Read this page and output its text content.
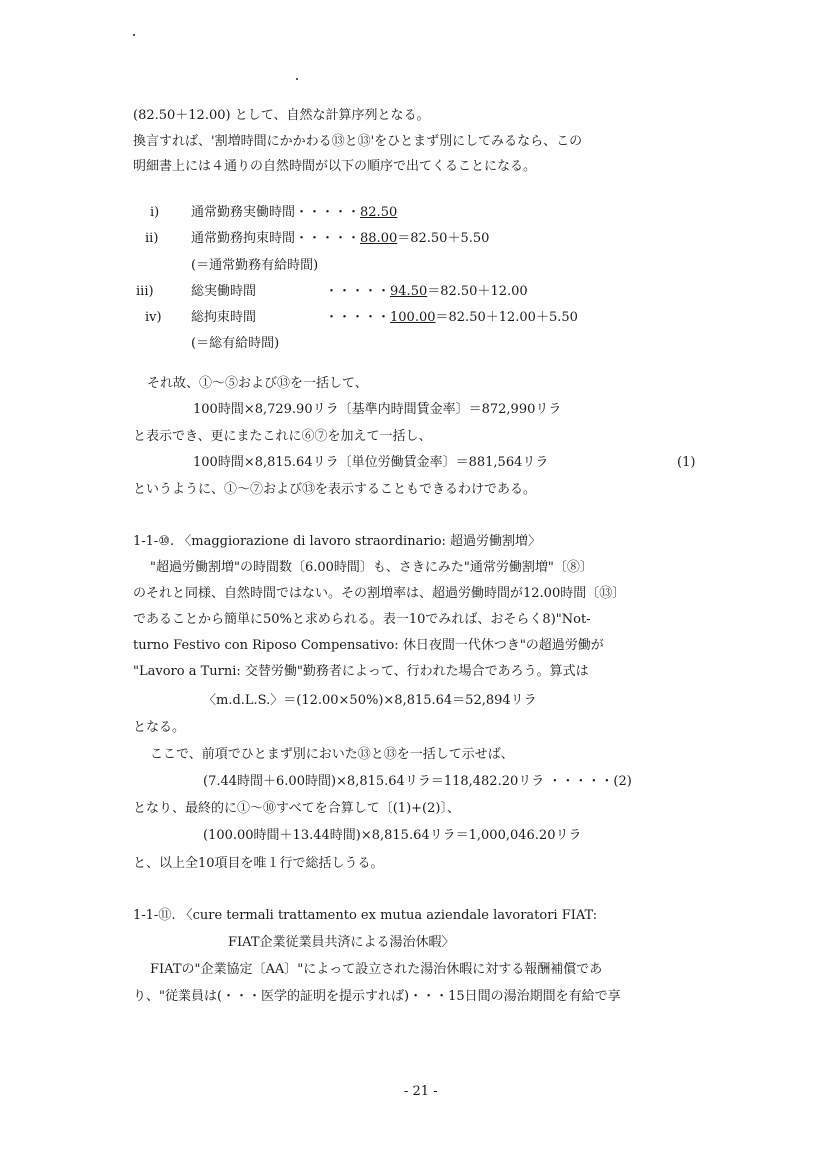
(82.50＋12.00) として、自然な計算序列となる。
換言すれば、'割増時間にかかわる⑬と⑬'をひとまず別にしてみるなら、この
明細書上には４通りの自然時間が以下の順序で出てくることになる。
i) 通常勤務実働時間・・・・・82.50
ii)	通常勤務拘束時間・・・・・88.00＝82.50＋5.50
(＝通常勤務有給時間)
iii)	総実働時間	・・・・・94.50＝82.50＋12.00
iv) 総拘束時間	・・・・・100.00＝82.50＋12.00＋5.50
(＝総有給時間)
それ故、①～⑤および⑬を一括して、
100時間×8,729.90リラ〔基準内時間賃金率〕＝872,990リラ
と表示でき、更にまたこれに⑥⑦を加えて一括し、
100時間×8,815.64リラ〔単位労働賃金率〕＝881,564リラ	(1)
というように、①～⑦および⑬を表示することもできるわけである。
1-1-⑩. 〈maggiorazione di lavoro straordinario: 超過労働割増〉
"超過労働割増"の時間数〔6.00時間〕も、さきにみた"通常労働割増"〔⑧〕
のそれと同様、自然時間ではない。その割増率は、超過労働時間が12.00時間〔⑬〕
であることから簡単に50%と求められる。表一10でみれば、おそらく8)"Not-
turno Festivo con Riposo Compensativo: 休日夜間一代休つき"の超過労働が
"Lavoro a Turni: 交替労働"勤務者によって、行われた場合であろう。算式は
〈m.d.L.S.〉＝(12.00×50%)×8,815.64＝52,894リラ
となる。
ここで、前項でひとまず別においた⑬と⑬を一括して示せば、
(7.44時間＋6.00時間)×8,815.64リラ＝118,482.20リラ ・・・・・(2)
となり、最終的に①～⑩すべてを合算して〔(1)+(2)〕、
(100.00時間＋13.44時間)×8,815.64リラ＝1,000,046.20リラ
と、以上全10項目を唯１行で総括しうる。
1-1-⑪. 〈cure termali trattamento ex mutua aziendale lavoratori FIAT:
FIAT企業従業員共済による湯治休暇〉
FIATの"企業協定〔AA〕"によって設立された湯治休暇に対する報酬補償であ
り、"従業員は(・・・医学的証明を提示すれば)・・・15日間の湯治期間を有給で享
- 21 -
